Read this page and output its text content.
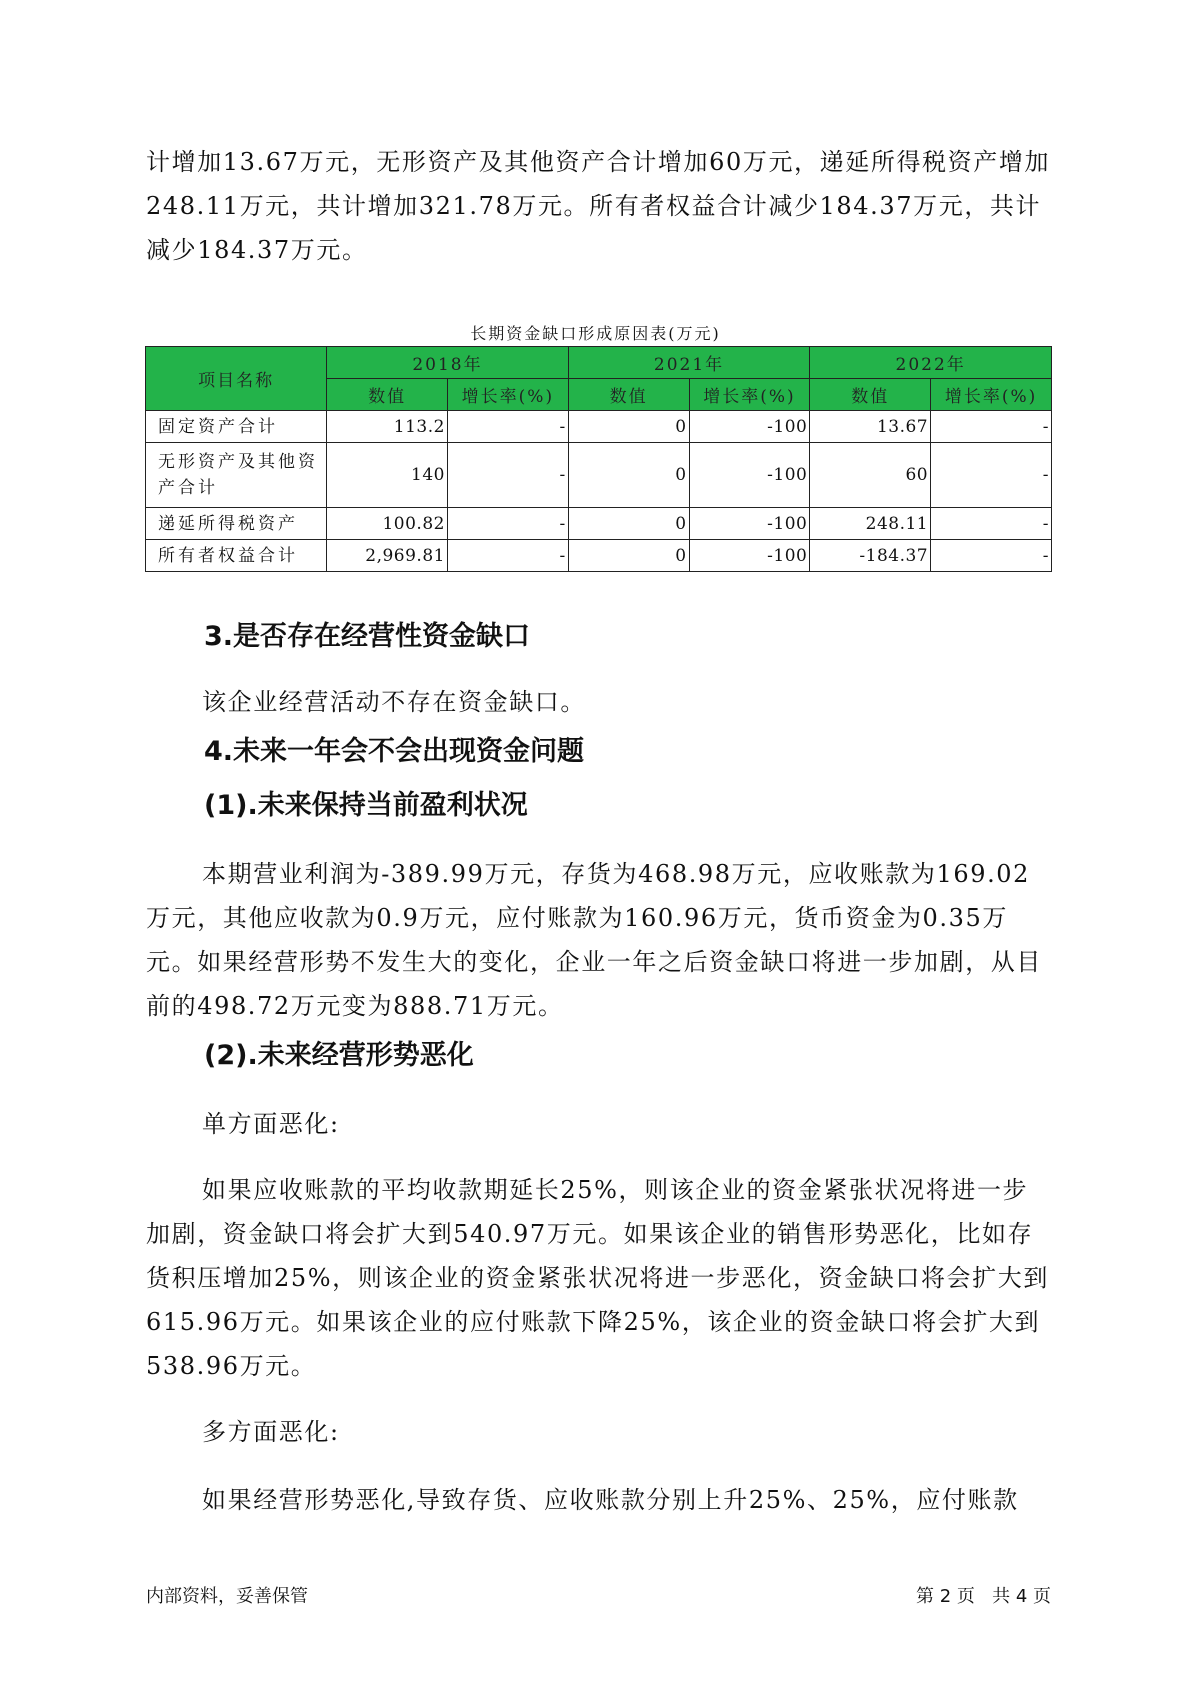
计增加13.67万元，无形资产及其他资产合计增加60万元，递延所得税资产增加248.11万元，共计增加321.78万元。所有者权益合计减少184.37万元，共计减少184.37万元。

长期资金缺口形成原因表(万元)
项目名称	2018年		2021年		2022年	
	数值	增长率(%)	数值	增长率(%)	数值	增长率(%)
固定资产合计	113.2	-	0	-100	13.67	-
无形资产及其他资产合计	140	-	0	-100	60	-
递延所得税资产	100.82	-	0	-100	248.11	-
所有者权益合计	2,969.81	-	0	-100	-184.37	-
3.是否存在经营性资金缺口

该企业经营活动不存在资金缺口。

4.未来一年会不会出现资金问题
(1).未来保持当前盈利状况

本期营业利润为-389.99万元，存货为468.98万元，应收账款为169.02万元，其他应收款为0.9万元，应付账款为160.96万元，货币资金为0.35万元。如果经营形势不发生大的变化，企业一年之后资金缺口将进一步加剧，从目前的498.72万元变为888.71万元。

(2).未来经营形势恶化

单方面恶化:

如果应收账款的平均收款期延长25%，则该企业的资金紧张状况将进一步加剧，资金缺口将会扩大到540.97万元。如果该企业的销售形势恶化，比如存货积压增加25%，则该企业的资金紧张状况将进一步恶化，资金缺口将会扩大到615.96万元。如果该企业的应付账款下降25%，该企业的资金缺口将会扩大到538.96万元。

多方面恶化:

如果经营形势恶化,导致存货、应收账款分别上升25%、25%，应付账款

内部资料，妥善保管	第 2 页   共 4 页
